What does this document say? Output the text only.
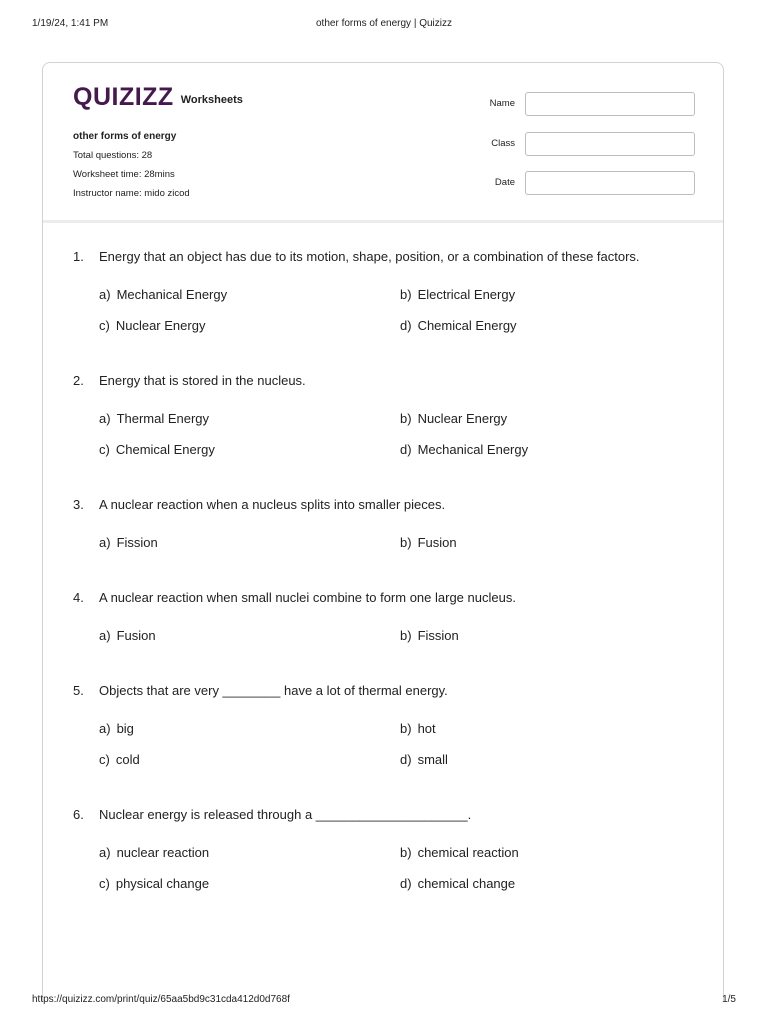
1/19/24, 1:41 PM	other forms of energy | Quizizz
QUIZIZZ Worksheets
other forms of energy
Total questions: 28
Worksheet time: 28mins
Instructor name: mido zicod
Name
Class
Date
1. Energy that an object has due to its motion, shape, position, or a combination of these factors.
a) Mechanical Energy	b) Electrical Energy
c) Nuclear Energy	d) Chemical Energy
2. Energy that is stored in the nucleus.
a) Thermal Energy	b) Nuclear Energy
c) Chemical Energy	d) Mechanical Energy
3. A nuclear reaction when a nucleus splits into smaller pieces.
a) Fission	b) Fusion
4. A nuclear reaction when small nuclei combine to form one large nucleus.
a) Fusion	b) Fission
5. Objects that are very ________ have a lot of thermal energy.
a) big	b) hot
c) cold	d) small
6. Nuclear energy is released through a _____________________.
a) nuclear reaction	b) chemical reaction
c) physical change	d) chemical change
https://quizizz.com/print/quiz/65aa5bd9c31cda412d0d768f	1/5
